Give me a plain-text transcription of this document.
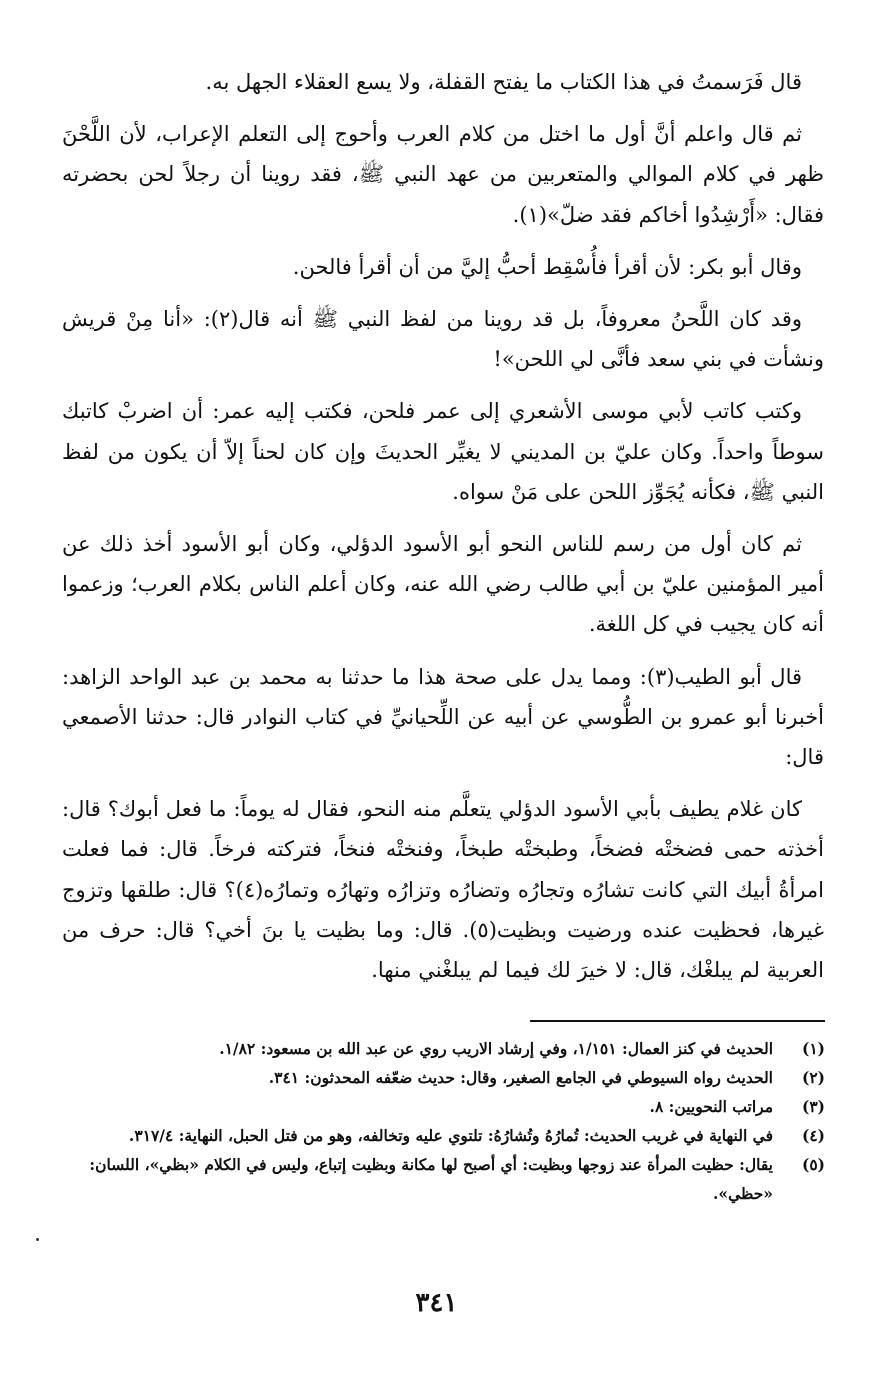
قال فَرَسمتُ في هذا الكتاب ما يفتح القفلة، ولا يسع العقلاء الجهل به.

ثم قال واعلم أنَّ أول ما اختل من كلام العرب وأحوج إلى التعلم الإعراب، لأن اللَّحْنَ ظهر في كلام الموالي والمتعربين من عهد النبي ﷺ، فقد روينا أن رجلاً لحن بحضرته فقال: «أَرْشِدُوا أخاكم فقد ضلّ»(١).

وقال أبو بكر: لأن أقرأ فأُسْقِط أحبُّ إليَّ من أن أقرأ فالحن.

وقد كان اللَّحنُ معروفاً، بل قد روينا من لفظ النبي ﷺ أنه قال(٢): «أنا مِنْ قريش ونشأت في بني سعد فأنَّى لي اللحن»!

وكتب كاتب لأبي موسى الأشعري إلى عمر فلحن، فكتب إليه عمر: أن اضربْ كاتبك سوطاً واحداً. وكان عليّ بن المديني لا يغيِّر الحديثَ وإن كان لحناً إلاّ أن يكون من لفظ النبي ﷺ، فكأنه يُجَوِّز اللحن على مَنْ سواه.

ثم كان أول من رسم للناس النحو أبو الأسود الدؤلي، وكان أبو الأسود أخذ ذلك عن أمير المؤمنين عليّ بن أبي طالب رضي الله عنه، وكان أعلم الناس بكلام العرب؛ وزعموا أنه كان يجيب في كل اللغة.

قال أبو الطيب(٣): ومما يدل على صحة هذا ما حدثنا به محمد بن عبد الواحد الزاهد: أخبرنا أبو عمرو بن الطُّوسي عن أبيه عن اللِّحيانيِّ في كتاب النوادر قال: حدثنا الأصمعي قال:

كان غلام يطيف بأبي الأسود الدؤلي يتعلَّم منه النحو، فقال له يوماً: ما فعل أبوك؟ قال: أخذته حمى فضختْه فضخاً، وطبختْه طبخاً، وفنختْه فنخاً، فتركته فرخاً. قال: فما فعلت امرأةُ أبيك التي كانت تشارُه وتجارُه وتضارُه وتزارُه وتهارُه وتمارُه(٤)؟ قال: طلقها وتزوج غيرها، فحظيت عنده ورضيت وبظيت(٥). قال: وما بظيت يا بنَ أخي؟ قال: حرف من العربية لم يبلغْك، قال: لا خيرَ لك فيما لم يبلغْني منها.

(١)
الحديث في كنز العمال: ١/١٥١، وفي إرشاد الاريب روي عن عبد الله بن مسعود: ١/٨٢.
(٢)
الحديث رواه السيوطي في الجامع الصغير، وقال: حديث ضعّفه المحدثون: ٣٤١.
(٣)
مراتب النحويين: ٨.
(٤)
في النهاية في غريب الحديث: تُمارُهُ وتُشارُهُ: تلتوي عليه وتخالفه، وهو من فتل الحبل، النهاية: ٣١٧/٤.
(٥)
يقال: حظيت المرأة عند زوجها وبظيت: أي أصبح لها مكانة وبظيت إتباع، وليس في الكلام «بظي»، اللسان: «حظي».
٣٤١
